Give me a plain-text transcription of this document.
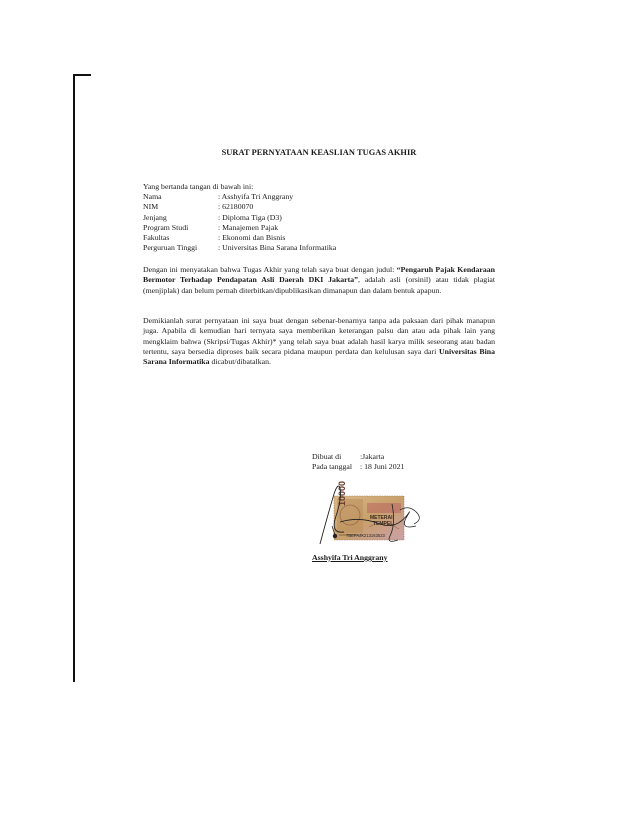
SURAT PERNYATAAN KEASLIAN TUGAS AKHIR
Yang bertanda tangan di bawah ini:
Nama	: Asshyifa Tri Anggrany
NIM	: 62180070
Jenjang	: Diploma Tiga (D3)
Program Studi	: Manajemen Pajak
Fakultas	: Ekonomi dan Bisnis
Perguruan Tinggi	: Universitas Bina Sarana Informatika
Dengan ini menyatakan bahwa Tugas Akhir yang telah saya buat dengan judul: “Pengaruh Pajak Kendaraan Bermotor Terhadap Pendapatan Asli Daerah DKI Jakarta”, adalah asli (orsinil) atau tidak plagiat (menjiplak) dan belum pernah diterbitkan/dipublikasikan dimanapun dan dalam bentuk apapun.
Demikianlah surat pernyataan ini saya buat dengan sebenar-benarnya tanpa ada paksaan dari pihak manapun juga. Apabila di kemudian hari ternyata saya memberikan keterangan palsu dan atau ada pihak lain yang mengklaim bahwa (Skripsi/Tugas Akhir)* yang telah saya buat adalah hasil karya milik seseorang atau badan tertentu, saya bersedia diproses baik secara pidana maupun perdata dan kelulusan saya dari Universitas Bina Sarana Informatika dicabut/dibatalkan.
Dibuat di	:Jakarta
Pada tanggal	: 18 Juni 2021
10000
METERAI
TEMPEL
7BEFAJX213163523
Asshyifa Tri Anggrany
